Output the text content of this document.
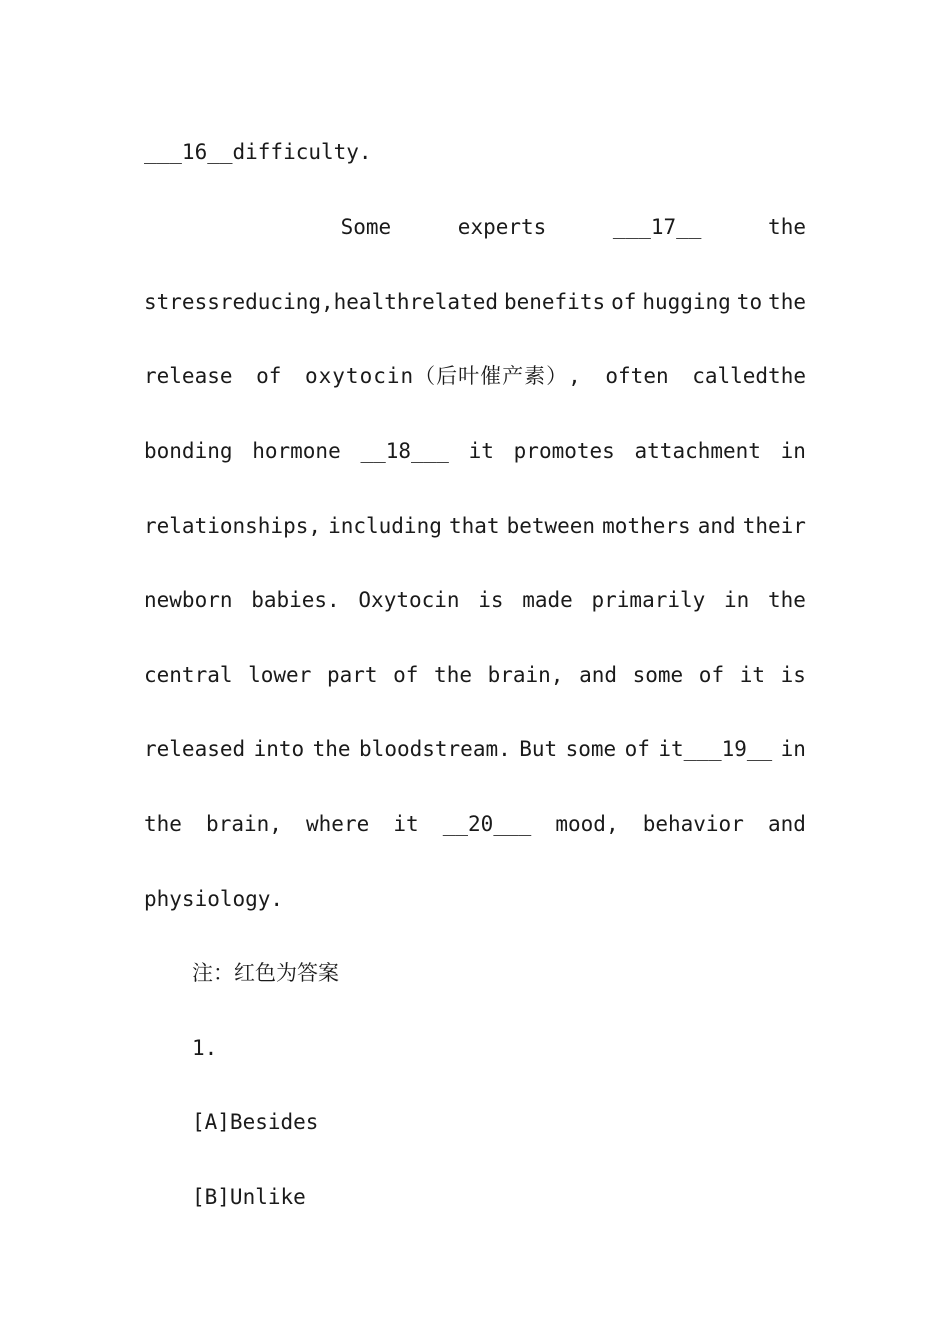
___16__difficulty.
Some	experts	___17__	the
stressreducing,healthrelated benefits of hugging to the
release of oxytocin（后叶催产素）, often calledthe
bonding hormone __18___ it promotes attachment in
relationships, including that between mothers and their
newborn babies. Oxytocin is made primarily in the
central lower part of the brain, and some of it is
released into the bloodstream. But some of it___19__ in
the brain, where it __20___ mood, behavior and
physiology.
注：红色为答案
1.
[A]Besides
[B]Unlike
